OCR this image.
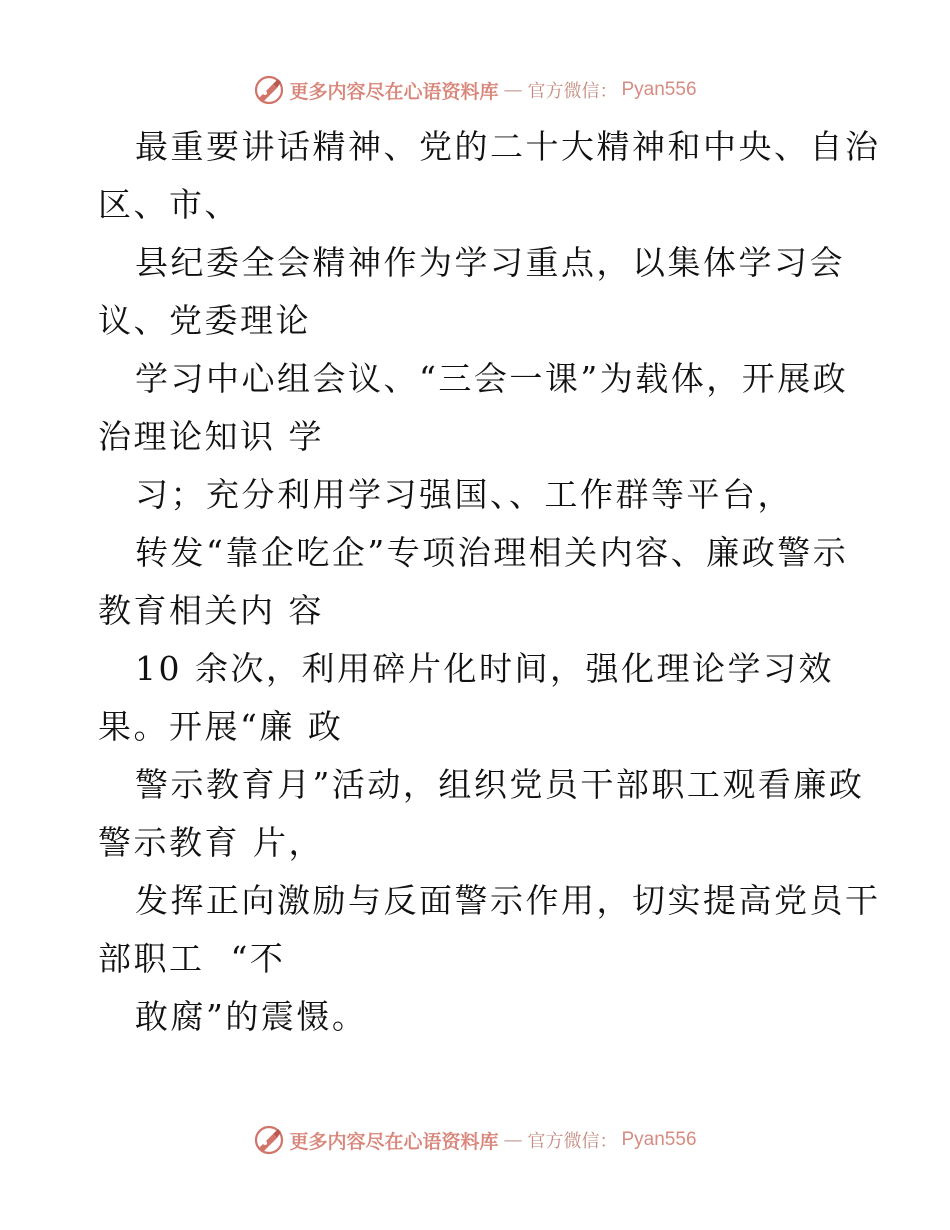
更多内容尽在心语资料库 — 官方微信： Pyan556
最重要讲话精神、党的二十大精神和中央、自治
区、市、
县纪委全会精神作为学习重点，以集体学习会
议、党委理论
学习中心组会议、“三会一课”为载体，开展政
治理论知识 学
习；充分利用学习强国、、工作群等平台，
转发“靠企吃企”专项治理相关内容、廉政警示
教育相关内 容
10 余次，利用碎片化时间，强化理论学习效
果。开展“廉 政
警示教育月”活动，组织党员干部职工观看廉政
警示教育 片，
发挥正向激励与反面警示作用，切实提高党员干
部职工  “不
敢腐”的震慑。
更多内容尽在心语资料库 — 官方微信： Pyan556
